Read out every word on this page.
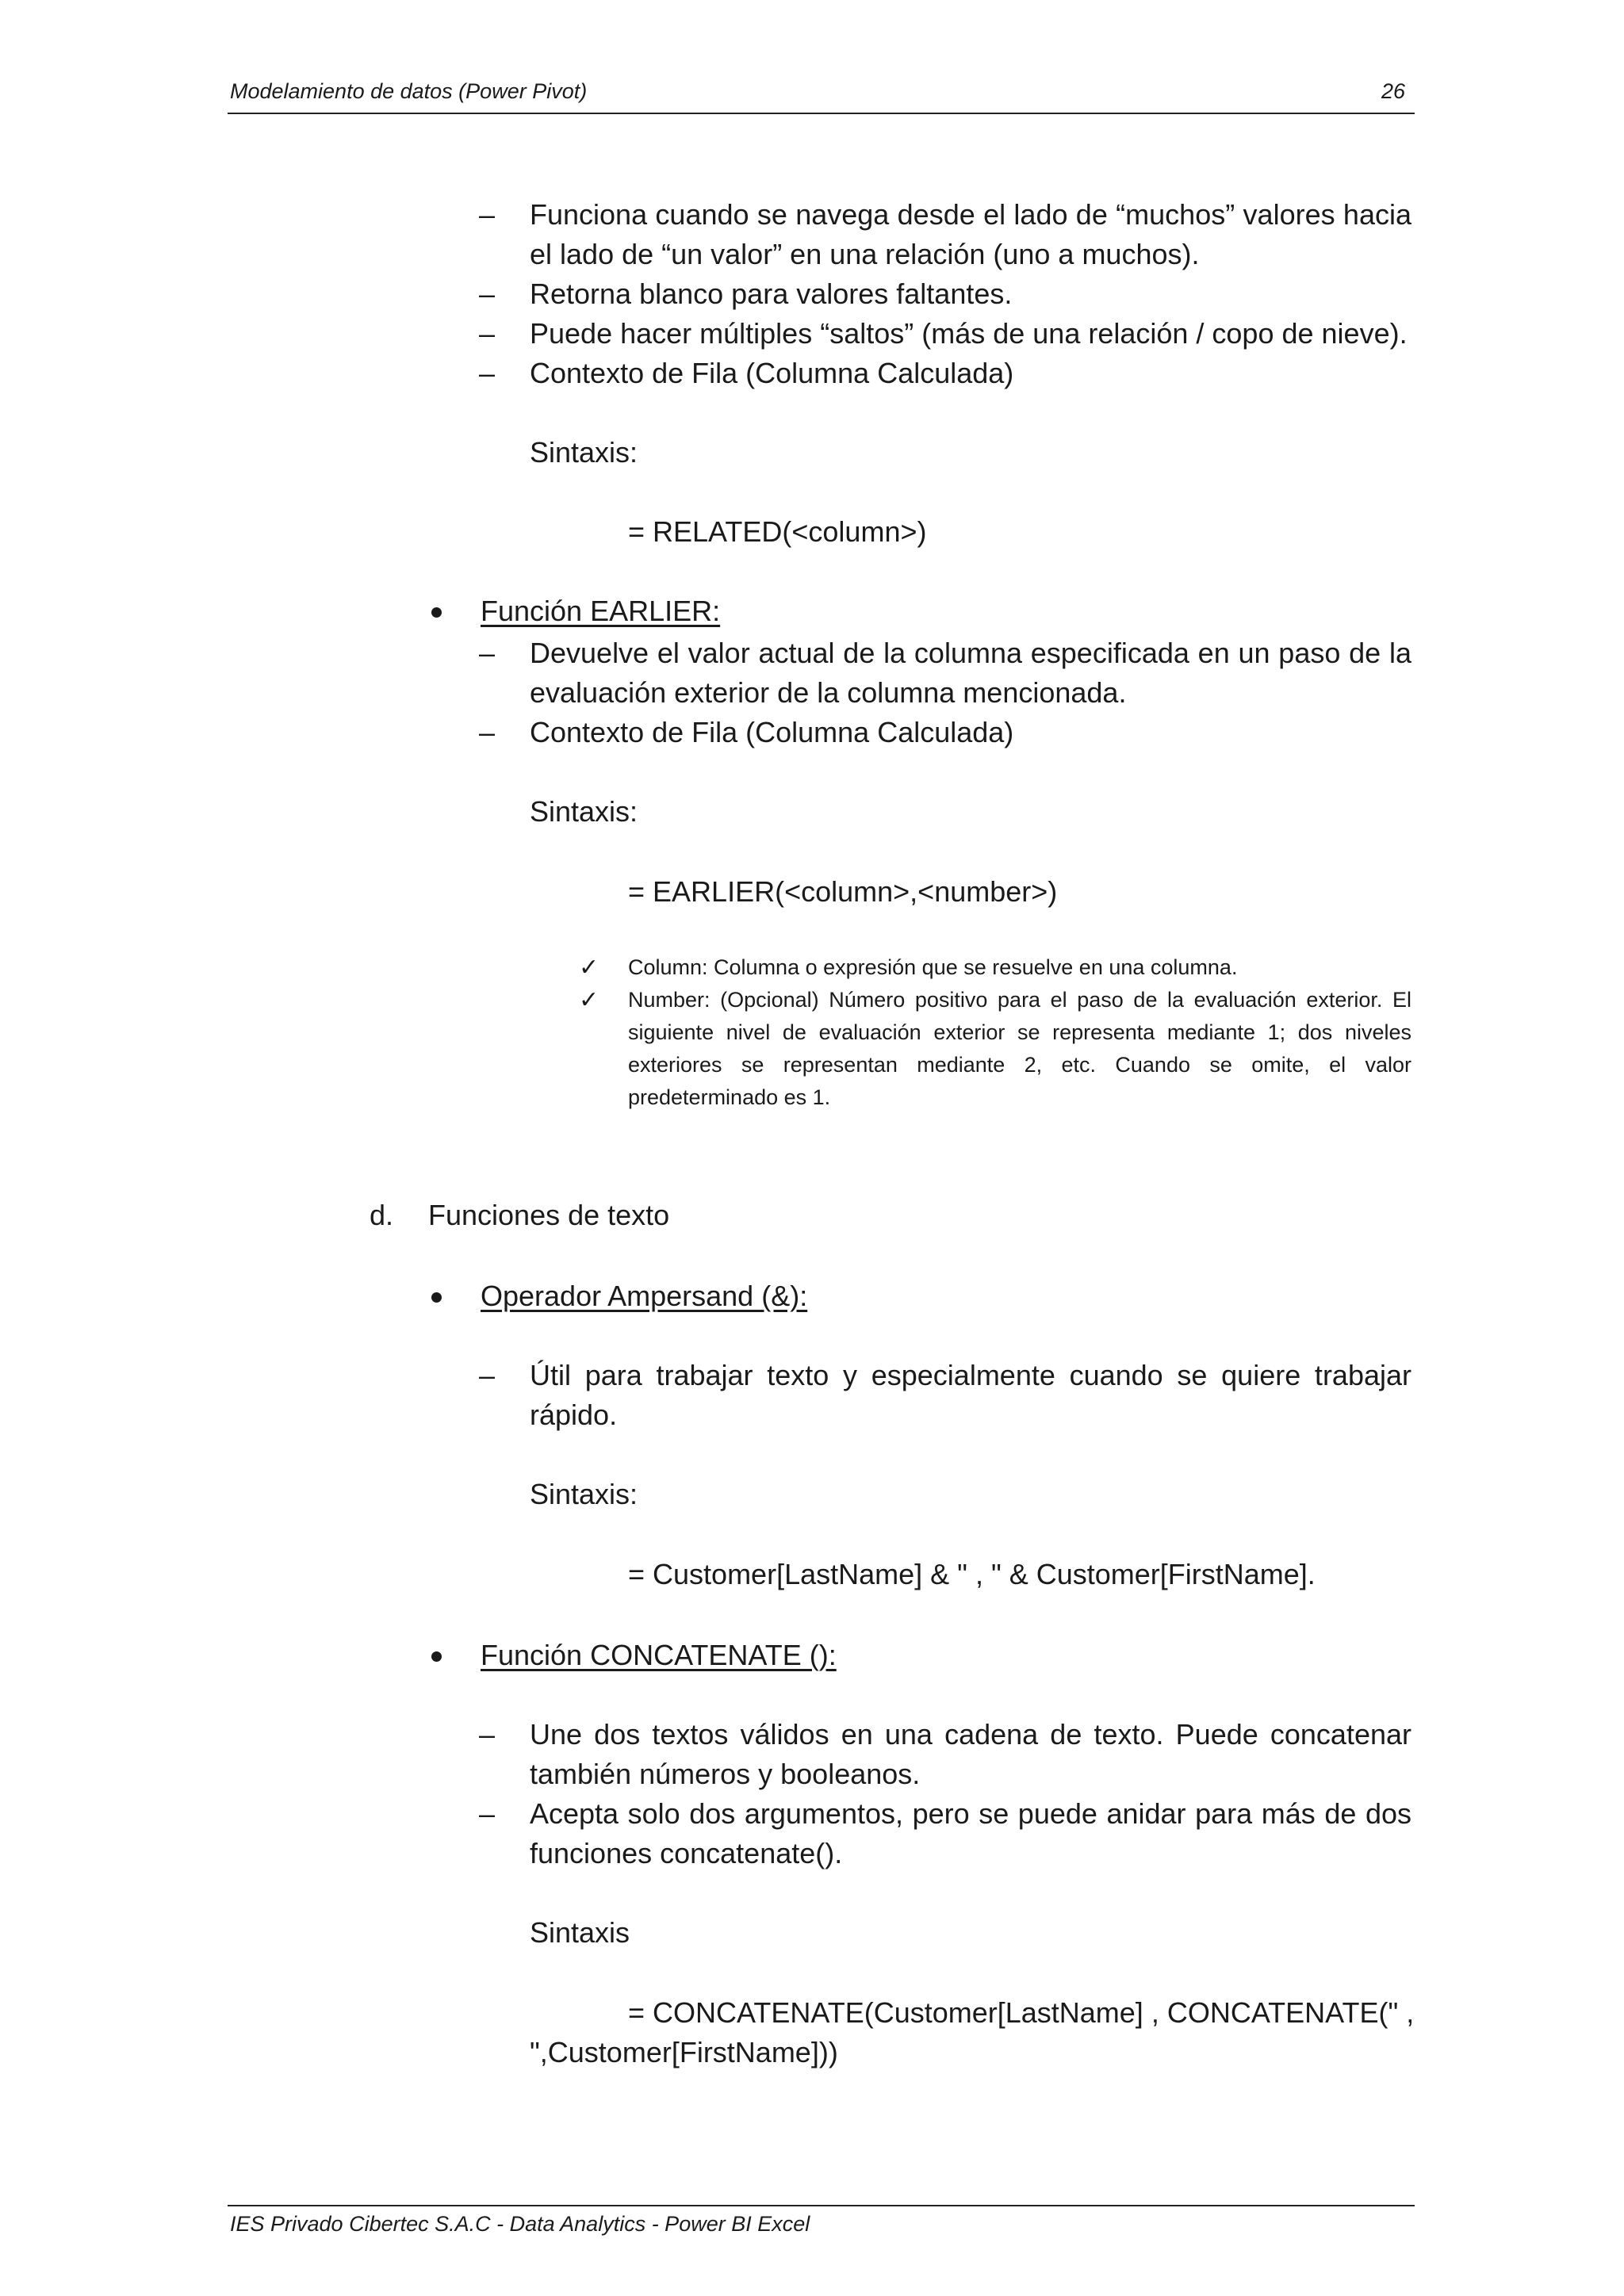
Modelamiento de datos (Power Pivot)	26
– Funciona cuando se navega desde el lado de “muchos” valores hacia el lado de “un valor” en una relación (uno a muchos).
– Retorna blanco para valores faltantes.
– Puede hacer múltiples “saltos” (más de una relación / copo de nieve).
– Contexto de Fila (Columna Calculada)
Sintaxis:
= RELATED(<column>)
Función EARLIER:
– Devuelve el valor actual de la columna especificada en un paso de la evaluación exterior de la columna mencionada.
– Contexto de Fila (Columna Calculada)
Sintaxis:
= EARLIER(<column>,<number>)
✓ Column: Columna o expresión que se resuelve en una columna.
✓ Number: (Opcional) Número positivo para el paso de la evaluación exterior. El siguiente nivel de evaluación exterior se representa mediante 1; dos niveles exteriores se representan mediante 2, etc. Cuando se omite, el valor predeterminado es 1.
d. Funciones de texto
Operador Ampersand (&):
– Útil para trabajar texto y especialmente cuando se quiere trabajar rápido.
Sintaxis:
= Customer[LastName] & " , " & Customer[FirstName].
Función CONCATENATE ():
– Une dos textos válidos en una cadena de texto. Puede concatenar también números y booleanos.
– Acepta solo dos argumentos, pero se puede anidar para más de dos funciones concatenate().
Sintaxis
= CONCATENATE(Customer[LastName] , CONCATENATE(" ,
",Customer[FirstName]))
IES Privado Cibertec S.A.C - Data Analytics - Power BI Excel
